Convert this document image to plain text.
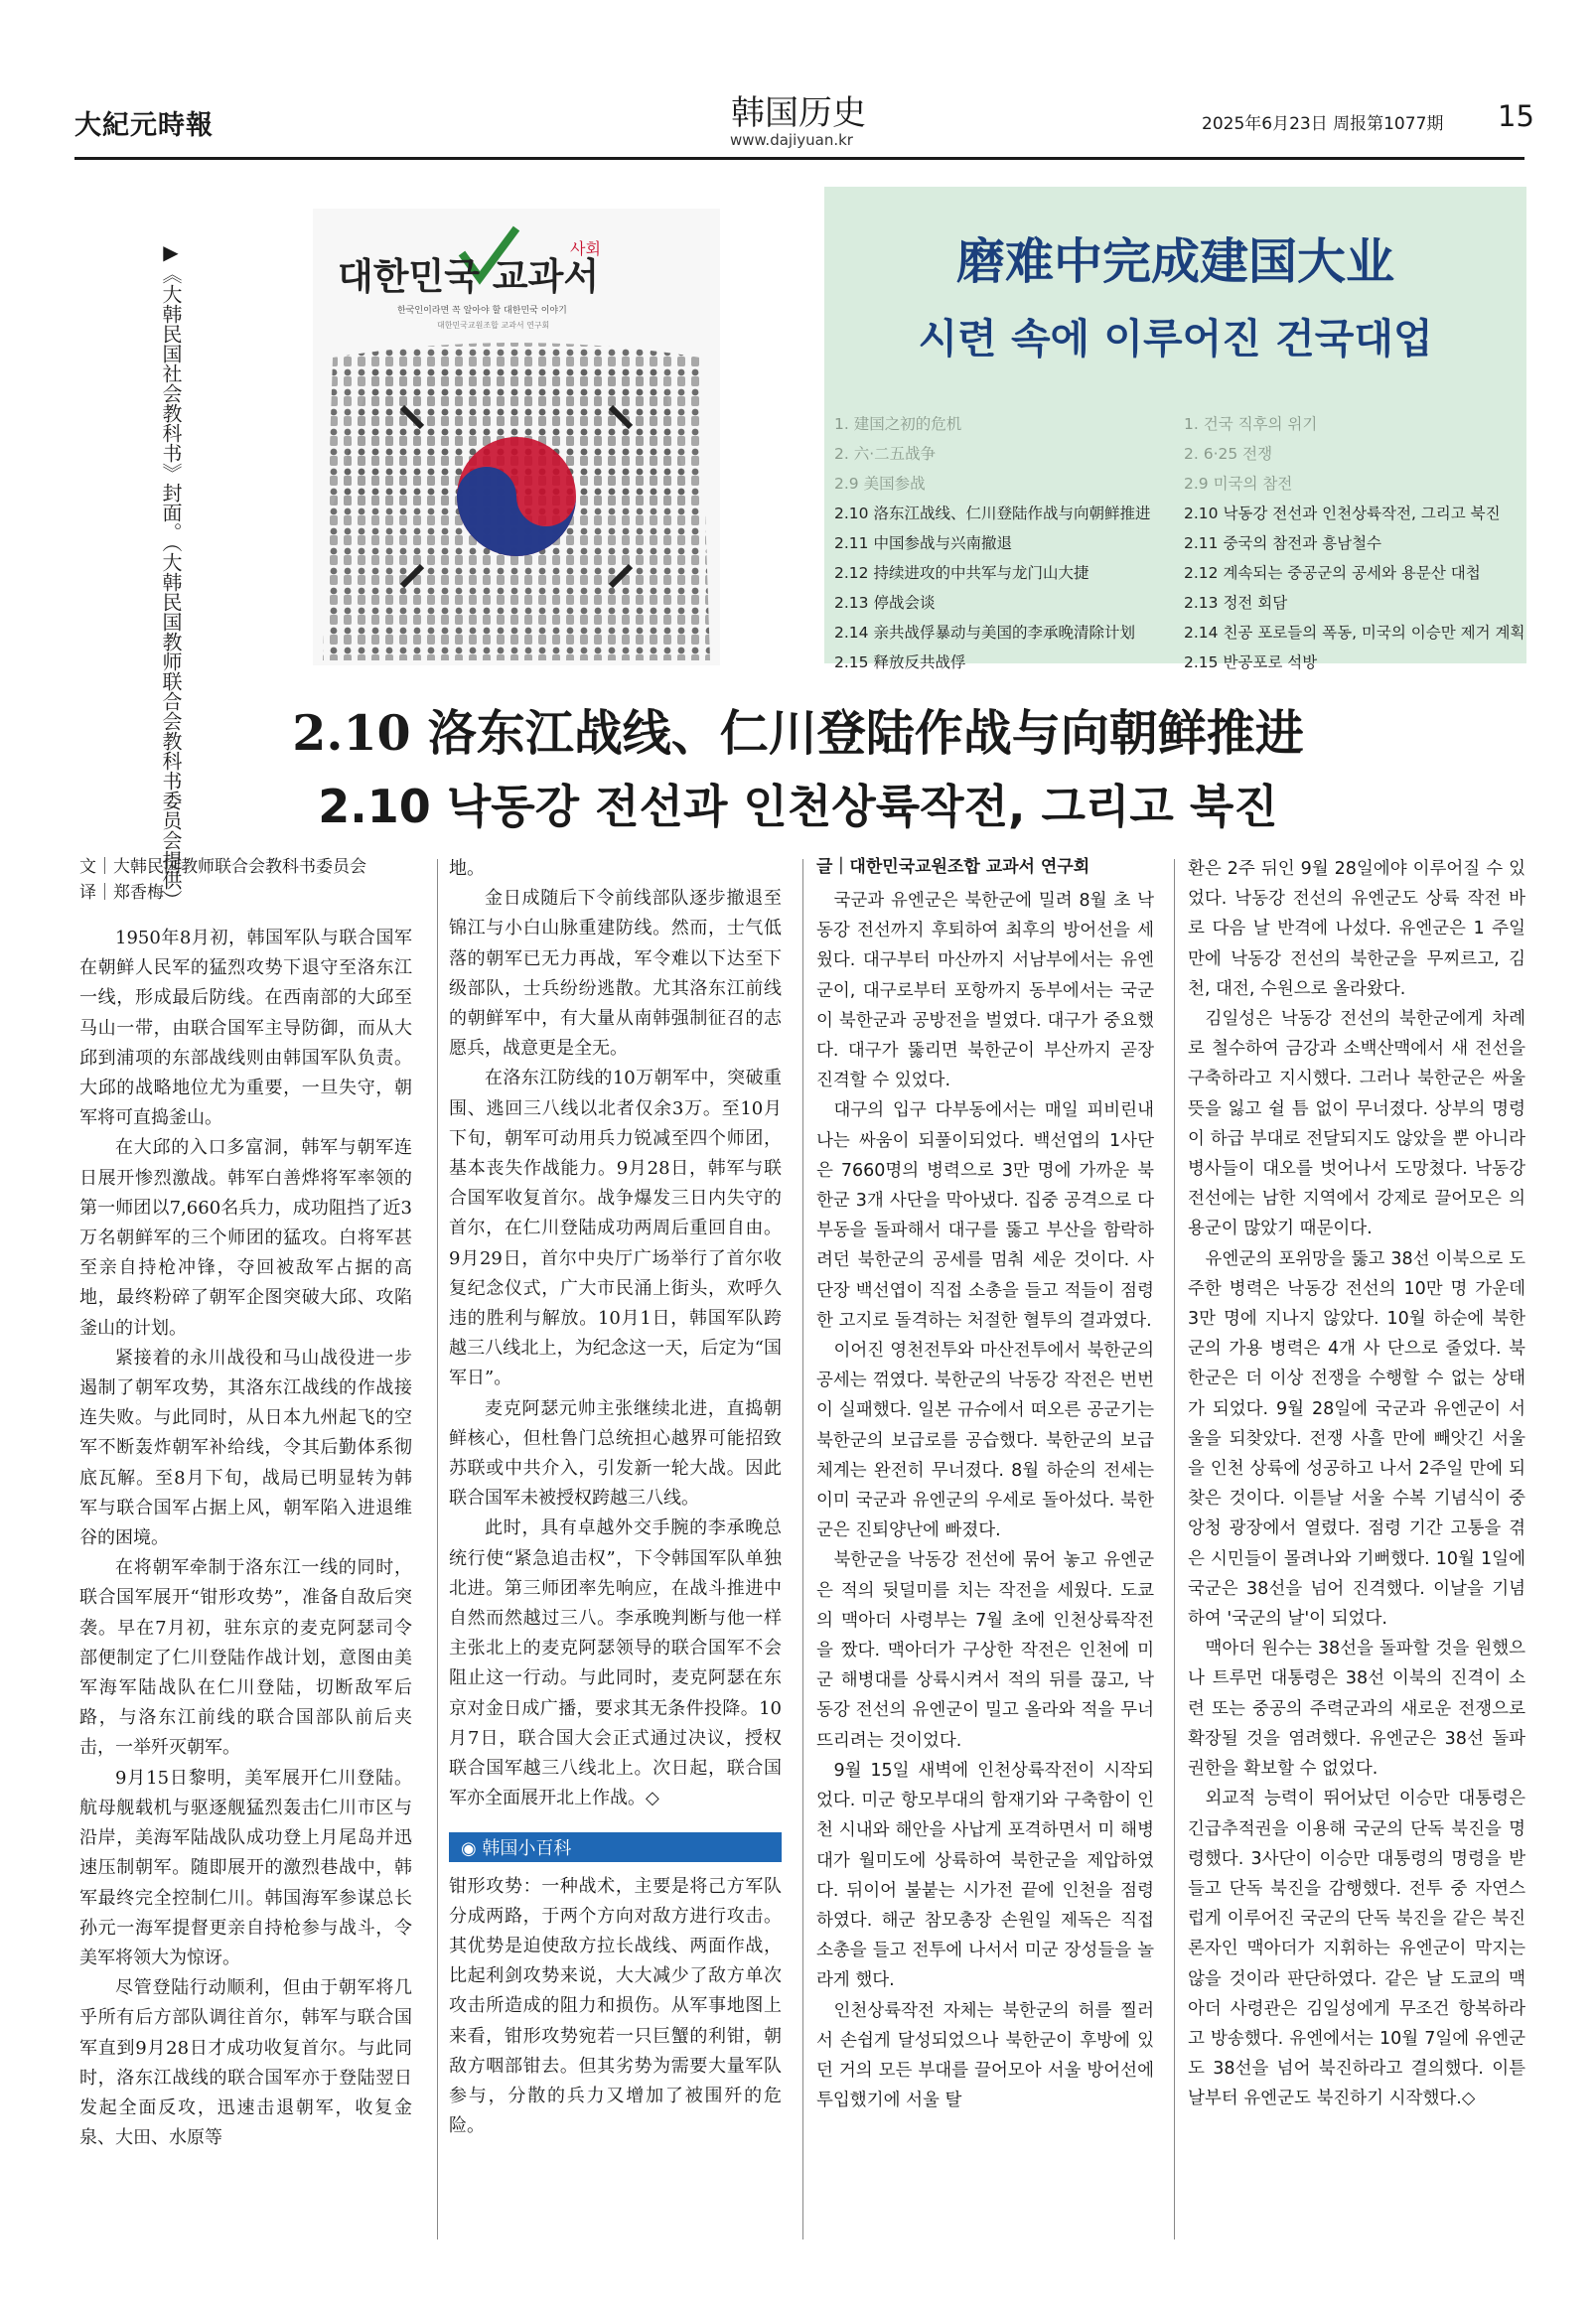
大紀元時報	韩国历史
www.dajiyuan.kr
2025年6月23日 周报第1077期 15
▶《大韩民国社会教科书》封面。（大韩民国教师联合会教科书委员会提供）	대한민국 교과서
사회
한국인이라면 꼭 알아야 할 대한민국 이야기
대한민국교원조합 교과서 연구회
磨难中完成建国大业
시련 속에 이루어진 건국대업
1. 建国之初的危机
2. 六·二五战争
2.9 美国参战
2.10 洛东江战线、仁川登陆作战与向朝鲜推进
2.11 中国参战与兴南撤退
2.12 持续进攻的中共军与龙门山大捷
2.13 停战会谈
2.14 亲共战俘暴动与美国的李承晚清除计划
2.15 释放反共战俘
1. 건국 직후의 위기
2. 6·25 전쟁
2.9 미국의 참전
2.10 낙동강 전선과 인천상륙작전, 그리고 북진
2.11 중국의 참전과 흥남철수
2.12 계속되는 중공군의 공세와 용문산 대첩
2.13 정전 회담
2.14 친공 포로들의 폭동, 미국의 이승만 제거 계획
2.15 반공포로 석방
2.10 洛东江战线、仁川登陆作战与向朝鲜推进
2.10 낙동강 전선과 인천상륙작전, 그리고 북진
文｜大韩民国教师联合会教科书委员会
译｜郑香梅

1950年8月初，韩国军队与联合国军在朝鲜人民军的猛烈攻势下退守至洛东江一线，形成最后防线。在西南部的大邱至马山一带，由联合国军主导防御，而从大邱到浦项的东部战线则由韩国军队负责。大邱的战略地位尤为重要，一旦失守，朝军将可直捣釜山。

在大邱的入口多富洞，韩军与朝军连日展开惨烈激战。韩军白善烨将军率领的第一师团以7,660名兵力，成功阻挡了近3万名朝鲜军的三个师团的猛攻。白将军甚至亲自持枪冲锋，夺回被敌军占据的高地，最终粉碎了朝军企图突破大邱、攻陷釜山的计划。

紧接着的永川战役和马山战役进一步遏制了朝军攻势，其洛东江战线的作战接连失败。与此同时，从日本九州起飞的空军不断轰炸朝军补给线，令其后勤体系彻底瓦解。至8月下旬，战局已明显转为韩军与联合国军占据上风，朝军陷入进退维谷的困境。

在将朝军牵制于洛东江一线的同时，联合国军展开“钳形攻势”，准备自敌后突袭。早在7月初，驻东京的麦克阿瑟司令部便制定了仁川登陆作战计划，意图由美军海军陆战队在仁川登陆，切断敌军后路，与洛东江前线的联合国部队前后夹击，一举歼灭朝军。

9月15日黎明，美军展开仁川登陆。航母舰载机与驱逐舰猛烈轰击仁川市区与沿岸，美海军陆战队成功登上月尾岛并迅速压制朝军。随即展开的激烈巷战中，韩军最终完全控制仁川。韩国海军参谋总长孙元一海军提督更亲自持枪参与战斗，令美军将领大为惊讶。

尽管登陆行动顺利，但由于朝军将几乎所有后方部队调往首尔，韩军与联合国军直到9月28日才成功收复首尔。与此同时，洛东江战线的联合国军亦于登陆翌日发起全面反攻，迅速击退朝军，收复金泉、大田、水原等

地。

金日成随后下令前线部队逐步撤退至锦江与小白山脉重建防线。然而，士气低落的朝军已无力再战，军令难以下达至下级部队，士兵纷纷逃散。尤其洛东江前线的朝鲜军中，有大量从南韩强制征召的志愿兵，战意更是全无。

在洛东江防线的10万朝军中，突破重围、逃回三八线以北者仅余3万。至10月下旬，朝军可动用兵力锐减至四个师团，基本丧失作战能力。9月28日，韩军与联合国军收复首尔。战争爆发三日内失守的首尔，在仁川登陆成功两周后重回自由。9月29日，首尔中央厅广场举行了首尔收复纪念仪式，广大市民涌上街头，欢呼久违的胜利与解放。10月1日，韩国军队跨越三八线北上，为纪念这一天，后定为“国军日”。

麦克阿瑟元帅主张继续北进，直捣朝鲜核心，但杜鲁门总统担心越界可能招致苏联或中共介入，引发新一轮大战。因此联合国军未被授权跨越三八线。

此时，具有卓越外交手腕的李承晚总统行使“紧急追击权”，下令韩国军队单独北进。第三师团率先响应，在战斗推进中自然而然越过三八。李承晚判断与他一样主张北上的麦克阿瑟领导的联合国军不会阻止这一行动。与此同时，麦克阿瑟在东京对金日成广播，要求其无条件投降。10月7日，联合国大会正式通过决议，授权联合国军越三八线北上。次日起，联合国军亦全面展开北上作战。◇

◉ 韩国小百科

钳形攻势：一种战术，主要是将己方军队分成两路，于两个方向对敌方进行攻击。其优势是迫使敌方拉长战线、两面作战，比起利剑攻势来说，大大减少了敌方单次攻击所造成的阻力和损伤。从军事地图上来看，钳形攻势宛若一只巨蟹的利钳，朝敌方咽部钳去。但其劣势为需要大量军队参与，分散的兵力又增加了被围歼的危险。

글｜대한민국교원조합 교과서 연구회

국군과 유엔군은 북한군에 밀려 8월 초 낙동강 전선까지 후퇴하여 최후의 방어선을 세웠다. 대구부터 마산까지 서남부에서는 유엔군이, 대구로부터 포항까지 동부에서는 국군이 북한군과 공방전을 벌였다. 대구가 중요했다. 대구가 뚫리면 북한군이 부산까지 곧장 진격할 수 있었다.

대구의 입구 다부동에서는 매일 피비린내 나는 싸움이 되풀이되었다. 백선엽의 1사단은 7660명의 병력으로 3만 명에 가까운 북한군 3개 사단을 막아냈다. 집중 공격으로 다부동을 돌파해서 대구를 뚫고 부산을 함락하려던 북한군의 공세를 멈춰 세운 것이다. 사단장 백선엽이 직접 소총을 들고 적들이 점령한 고지로 돌격하는 처절한 혈투의 결과였다.

이어진 영천전투와 마산전투에서 북한군의 공세는 꺾였다. 북한군의 낙동강 작전은 번번이 실패했다. 일본 규슈에서 떠오른 공군기는 북한군의 보급로를 공습했다. 북한군의 보급 체계는 완전히 무너졌다. 8월 하순의 전세는 이미 국군과 유엔군의 우세로 돌아섰다. 북한군은 진퇴양난에 빠졌다.

북한군을 낙동강 전선에 묶어 놓고 유엔군은 적의 뒷덜미를 치는 작전을 세웠다. 도쿄의 맥아더 사령부는 7월 초에 인천상륙작전을 짰다. 맥아더가 구상한 작전은 인천에 미군 해병대를 상륙시켜서 적의 뒤를 끊고, 낙동강 전선의 유엔군이 밀고 올라와 적을 무너뜨리려는 것이었다.

9월 15일 새벽에 인천상륙작전이 시작되었다. 미군 항모부대의 함재기와 구축함이 인천 시내와 해안을 사납게 포격하면서 미 해병대가 월미도에 상륙하여 북한군을 제압하였다. 뒤이어 불붙는 시가전 끝에 인천을 점령하였다. 해군 참모총장 손원일 제독은 직접 소총을 들고 전투에 나서서 미군 장성들을 놀라게 했다.

인천상륙작전 자체는 북한군의 허를 찔러서 손쉽게 달성되었으나 북한군이 후방에 있던 거의 모든 부대를 끌어모아 서울 방어선에 투입했기에 서울 탈

환은 2주 뒤인 9월 28일에야 이루어질 수 있었다. 낙동강 전선의 유엔군도 상륙 작전 바로 다음 날 반격에 나섰다. 유엔군은 1 주일 만에 낙동강 전선의 북한군을 무찌르고, 김천, 대전, 수원으로 올라왔다.

김일성은 낙동강 전선의 북한군에게 차례로 철수하여 금강과 소백산맥에서 새 전선을 구축하라고 지시했다. 그러나 북한군은 싸울 뜻을 잃고 쉴 틈 없이 무너졌다. 상부의 명령이 하급 부대로 전달되지도 않았을 뿐 아니라 병사들이 대오를 벗어나서 도망쳤다. 낙동강 전선에는 남한 지역에서 강제로 끌어모은 의용군이 많았기 때문이다.

유엔군의 포위망을 뚫고 38선 이북으로 도주한 병력은 낙동강 전선의 10만 명 가운데 3만 명에 지나지 않았다. 10월 하순에 북한군의 가용 병력은 4개 사 단으로 줄었다. 북한군은 더 이상 전쟁을 수행할 수 없는 상태가 되었다. 9월 28일에 국군과 유엔군이 서울을 되찾았다. 전쟁 사흘 만에 빼앗긴 서울을 인천 상륙에 성공하고 나서 2주일 만에 되찾은 것이다. 이튿날 서울 수복 기념식이 중앙청 광장에서 열렸다. 점령 기간 고통을 겪은 시민들이 몰려나와 기뻐했다. 10월 1일에 국군은 38선을 넘어 진격했다. 이날을 기념하여 '국군의 날'이 되었다.

맥아더 원수는 38선을 돌파할 것을 원했으나 트루먼 대통령은 38선 이북의 진격이 소련 또는 중공의 주력군과의 새로운 전쟁으로 확장될 것을 염려했다. 유엔군은 38선 돌파 권한을 확보할 수 없었다.

외교적 능력이 뛰어났던 이승만 대통령은 긴급추적권을 이용해 국군의 단독 북진을 명령했다. 3사단이 이승만 대통령의 명령을 받들고 단독 북진을 감행했다. 전투 중 자연스럽게 이루어진 국군의 단독 북진을 같은 북진론자인 맥아더가 지휘하는 유엔군이 막지는 않을 것이라 판단하였다. 같은 날 도쿄의 맥아더 사령관은 김일성에게 무조건 항복하라고 방송했다. 유엔에서는 10월 7일에 유엔군도 38선을 넘어 북진하라고 결의했다. 이튿날부터 유엔군도 북진하기 시작했다.◇
